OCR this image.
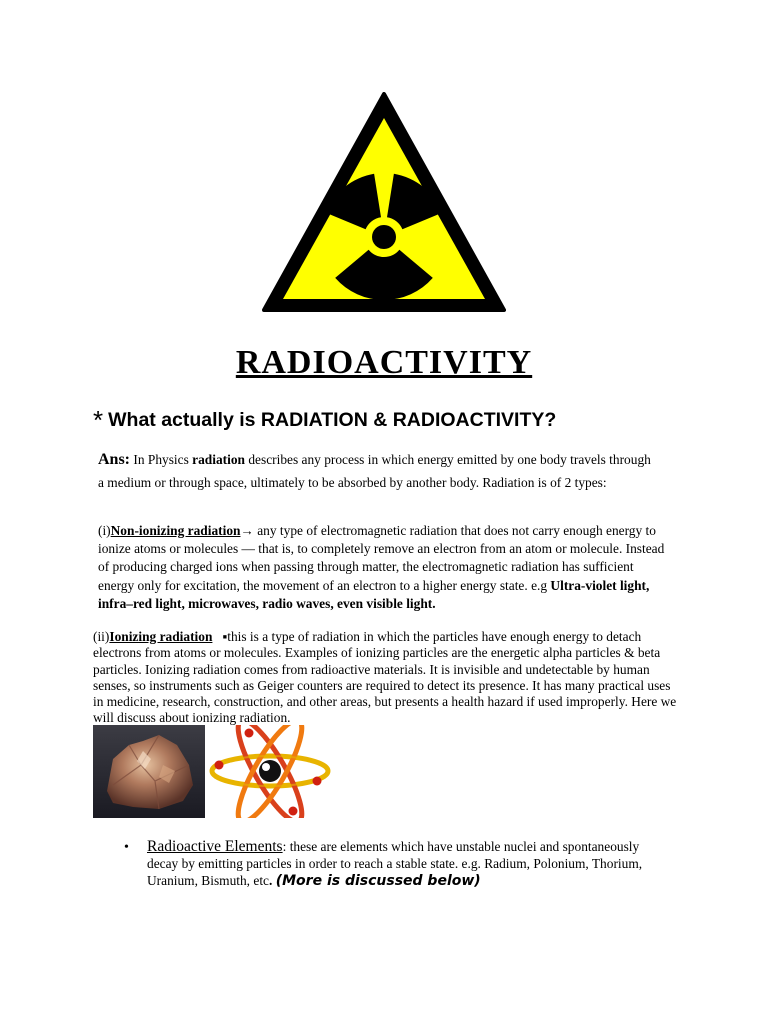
RADIOACTIVITY
* What actually is RADIATION & RADIOACTIVITY?
Ans: In Physics radiation describes any process in which energy emitted by one body travels through a medium or through space, ultimately to be absorbed by another body. Radiation is of 2 types:
(i)Non-ionizing radiation→ any type of electromagnetic radiation that does not carry enough energy to ionize atoms or molecules — that is, to completely remove an electron from an atom or molecule. Instead of producing charged ions when passing through matter, the electromagnetic radiation has sufficient energy only for excitation, the movement of an electron to a higher energy state. e.g Ultra-violet light, infra–red light, microwaves, radio waves, even visible light.
(ii)Ionizing radiation ▪this is a type of radiation in which the particles have enough energy to detach electrons from atoms or molecules. Examples of ionizing particles are the energetic alpha particles & beta particles. Ionizing radiation comes from radioactive materials. It is invisible and undetectable by human senses, so instruments such as Geiger counters are required to detect its presence. It has many practical uses in medicine, research, construction, and other areas, but presents a health hazard if used improperly. Here we will discuss about ionizing radiation.
• Radioactive Elements: these are elements which have unstable nuclei and spontaneously decay by emitting particles in order to reach a stable state. e.g. Radium, Polonium, Thorium, Uranium, Bismuth, etc. (More is discussed below)
